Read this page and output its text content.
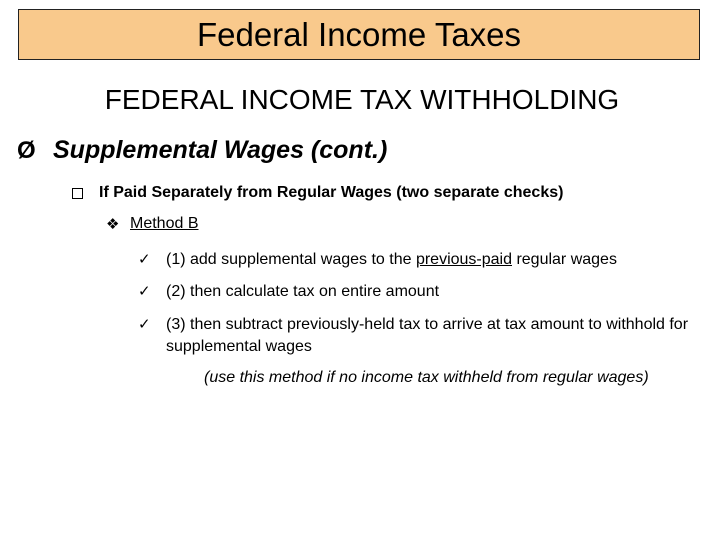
Federal Income Taxes
FEDERAL INCOME TAX WITHHOLDING
Ø Supplemental Wages (cont.)
If Paid Separately from Regular Wages (two separate checks)
❖ Method B
✓ (1) add supplemental wages to the previous-paid regular wages
✓ (2) then calculate tax on entire amount
✓ (3) then subtract previously-held tax to arrive at tax amount to withhold for supplemental wages
(use this method if no income tax withheld from regular wages)
